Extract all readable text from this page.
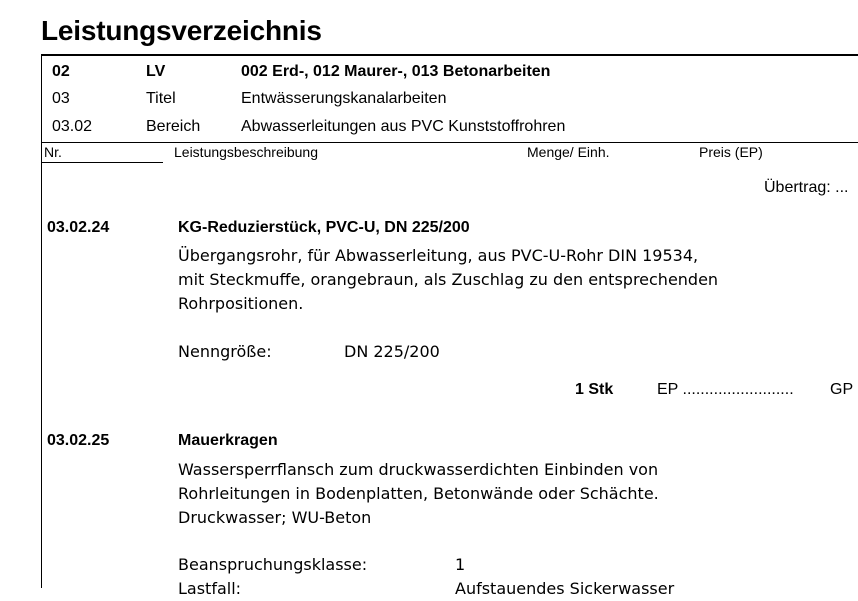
Leistungsverzeichnis
02	LV	002 Erd-, 012 Maurer-, 013 Betonarbeiten
03	Titel	Entwässerungskanalarbeiten
03.02	Bereich	Abwasserleitungen aus PVC Kunststoffrohren
Nr.	Leistungsbeschreibung	Menge/ Einh.	Preis (EP)
Übertrag: ...
03.02.24	KG-Reduzierstück, PVC-U, DN 225/200
Übergangsrohr, für Abwasserleitung, aus PVC-U-Rohr DIN 19534,
mit Steckmuffe, orangebraun, als Zuschlag zu den entsprechenden
Rohrpositionen.
Nenngröße:	DN 225/200
1 Stk	EP ......................... GP
03.02.25	Mauerkragen
Wassersperrflansch zum druckwasserdichten Einbinden von
Rohrleitungen in Bodenplatten, Betonwände oder Schächte.
Druckwasser; WU-Beton
Beanspruchungsklasse:	1
Lastfall:	Aufstauendes Sickerwasser
